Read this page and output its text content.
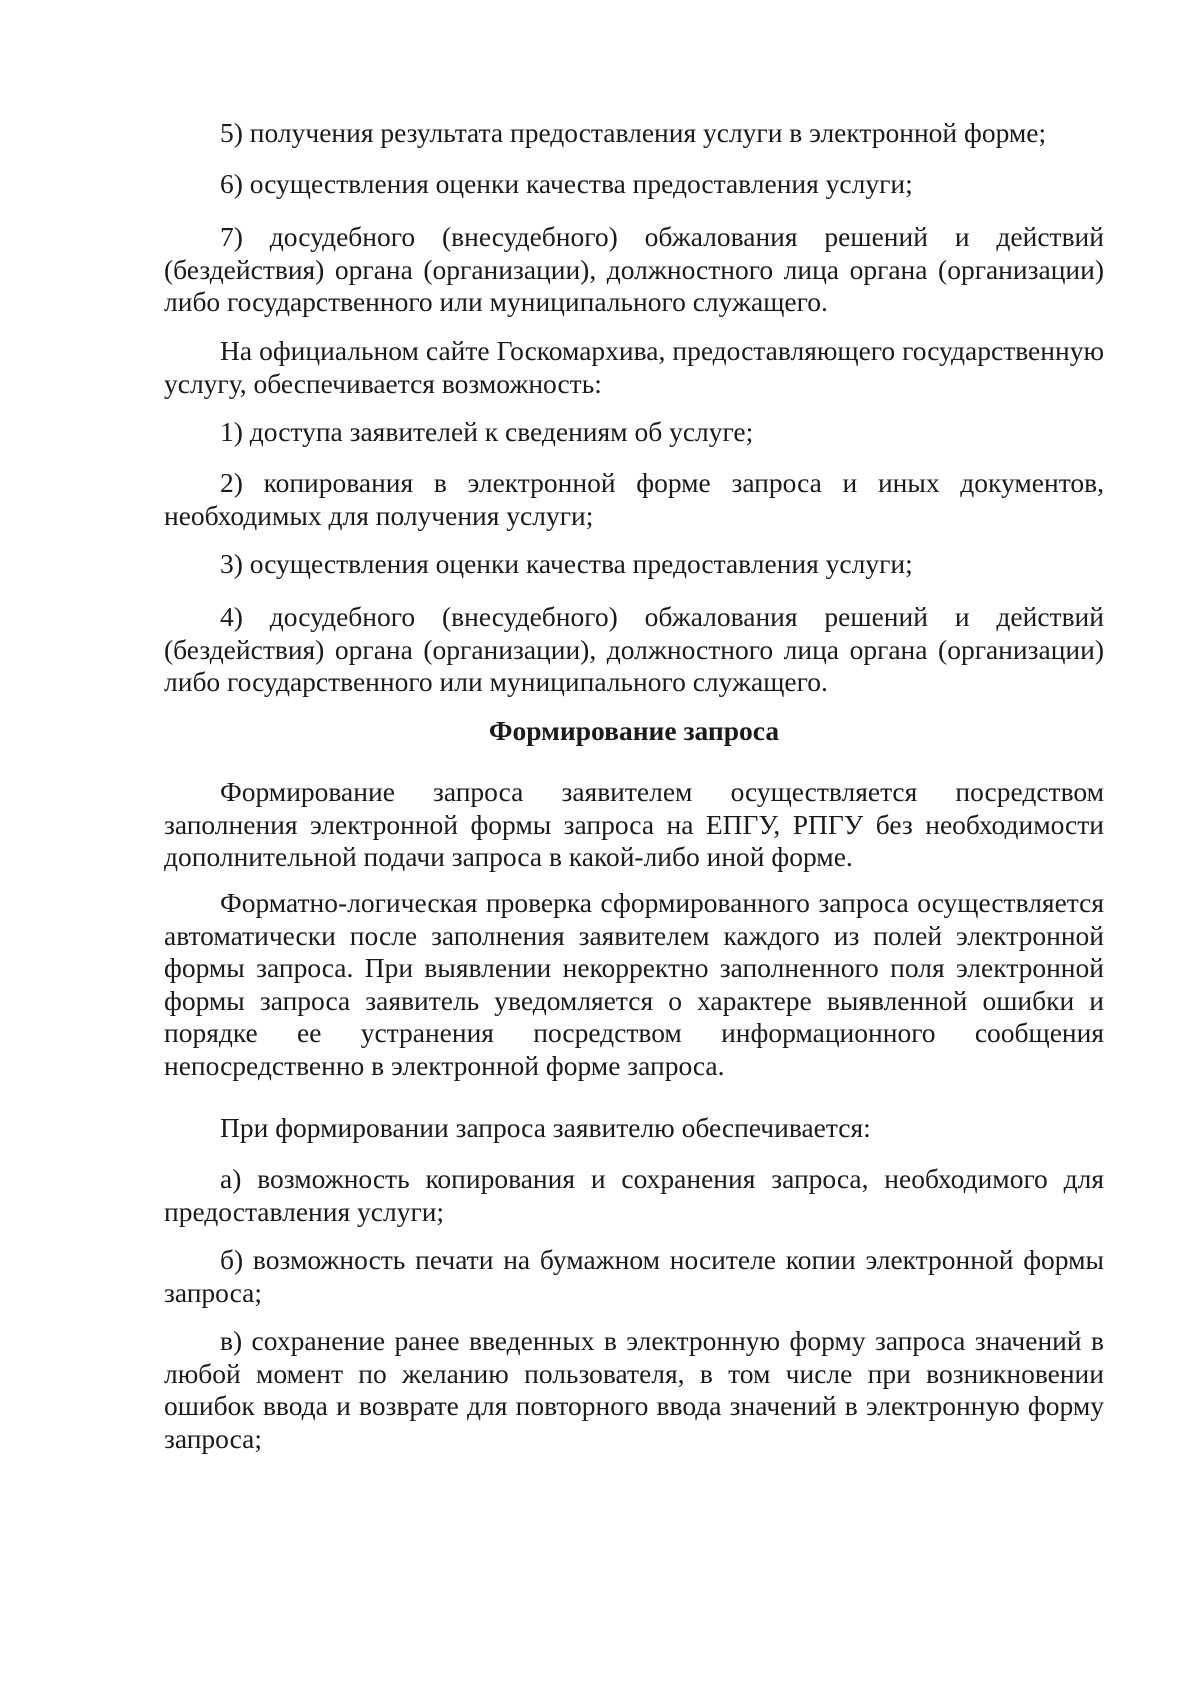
5) получения результата предоставления услуги в электронной форме;

6) осуществления оценки качества предоставления услуги;

7) досудебного (внесудебного) обжалования решений и действий (бездействия) органа (организации), должностного лица органа (организации) либо государственного или муниципального служащего.

На официальном сайте Госкомархива, предоставляющего государственную услугу, обеспечивается возможность:

1) доступа заявителей к сведениям об услуге;

2) копирования в электронной форме запроса и иных документов, необходимых для получения услуги;

3) осуществления оценки качества предоставления услуги;

4) досудебного (внесудебного) обжалования решений и действий (бездействия) органа (организации), должностного лица органа (организации) либо государственного или муниципального служащего.

Формирование запроса

Формирование запроса заявителем осуществляется посредством заполнения электронной формы запроса на ЕПГУ, РПГУ без необходимости дополнительной подачи запроса в какой-либо иной форме.

Форматно-логическая проверка сформированного запроса осуществляется автоматически после заполнения заявителем каждого из полей электронной формы запроса. При выявлении некорректно заполненного поля электронной формы запроса заявитель уведомляется о характере выявленной ошибки и порядке ее устранения посредством информационного сообщения непосредственно в электронной форме запроса.

При формировании запроса заявителю обеспечивается:

а) возможность копирования и сохранения запроса, необходимого для предоставления услуги;

б) возможность печати на бумажном носителе копии электронной формы запроса;

в) сохранение ранее введенных в электронную форму запроса значений в любой момент по желанию пользователя, в том числе при возникновении ошибок ввода и возврате для повторного ввода значений в электронную форму запроса;
